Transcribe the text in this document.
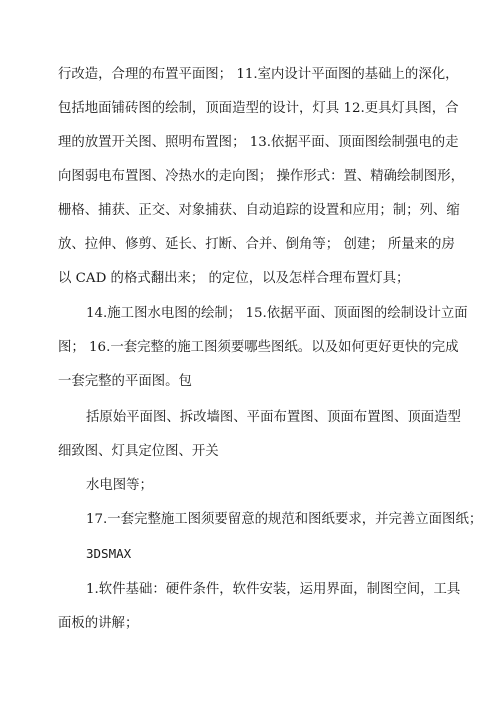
行改造，合理的布置平面图； 11.室内设计平面图的基础上的深化，
包括地面铺砖图的绘制，顶面造型的设计，灯具 12.更具灯具图，合
理的放置开关图、照明布置图； 13.依据平面、顶面图绘制强电的走
向图弱电布置图、冷热水的走向图； 操作形式：置、精确绘制图形，
栅格、捕获、正交、对象捕获、自动追踪的设置和应用；制；列、缩
放、拉伸、修剪、延长、打断、合并、倒角等； 创建； 所量来的房
以 CAD 的格式翻出来； 的定位，以及怎样合理布置灯具；
14.施工图水电图的绘制； 15.依据平面、顶面图的绘制设计立面
图； 16.一套完整的施工图须要哪些图纸。以及如何更好更快的完成
一套完整的平面图。包
括原始平面图、拆改墙图、平面布置图、顶面布置图、顶面造型
细致图、灯具定位图、开关
水电图等；
17.一套完整施工图须要留意的规范和图纸要求，并完善立面图纸；
3DSMAX
1.软件基础：硬件条件，软件安装，运用界面，制图空间，工具
面板的讲解；
